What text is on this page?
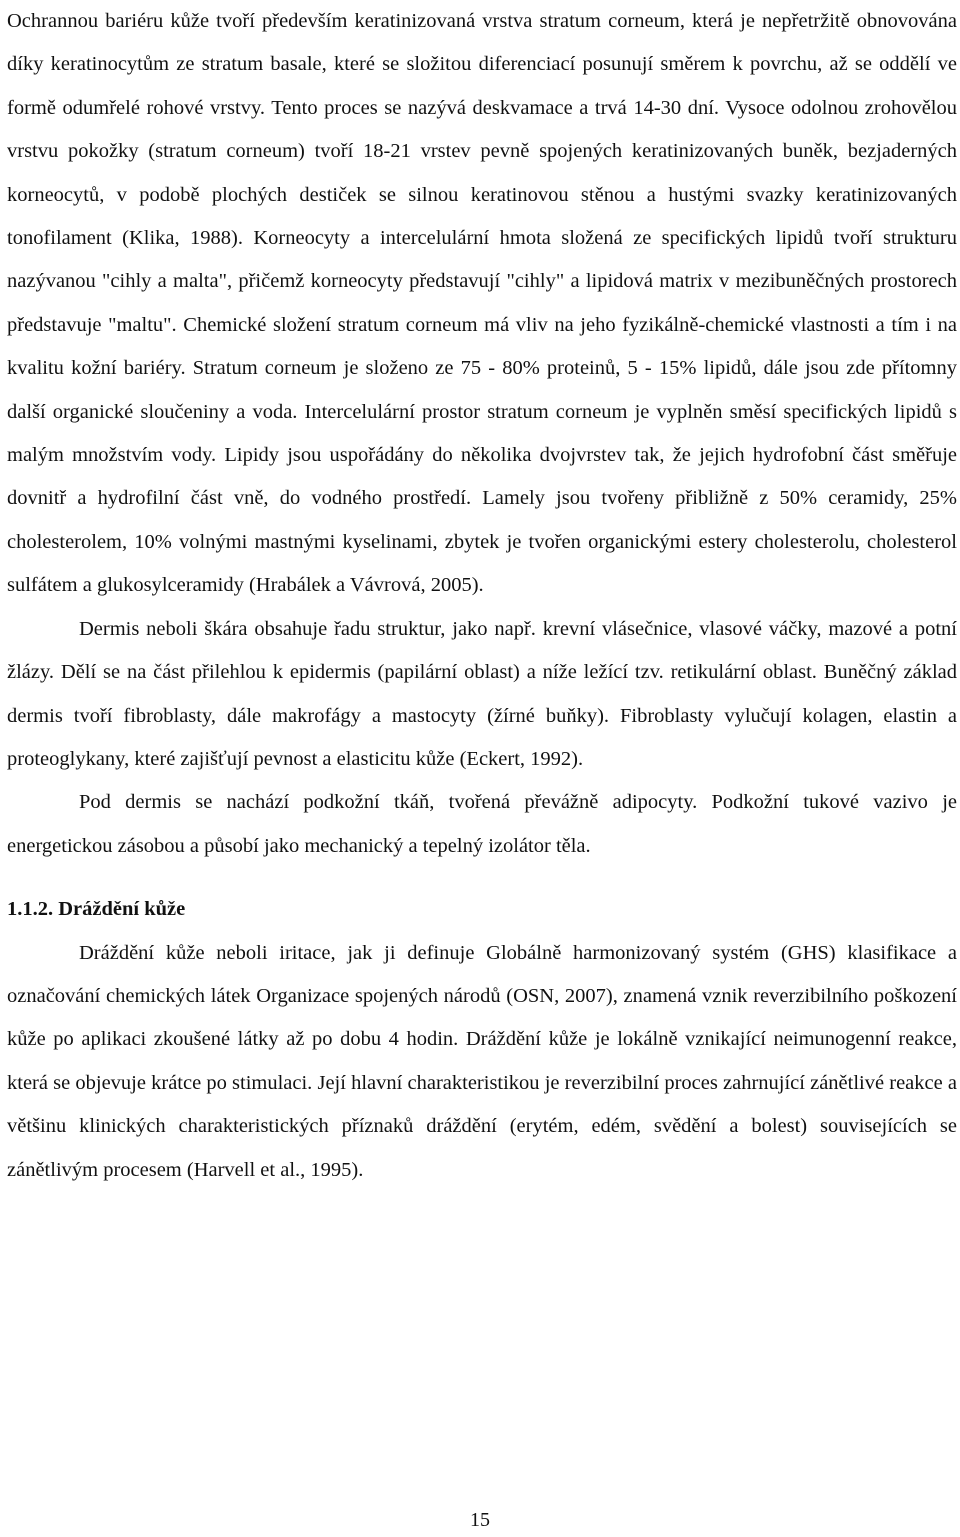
Ochrannou bariéru kůže tvoří především keratinizovaná vrstva stratum corneum, která je nepřetržitě obnovována díky keratinocytům ze stratum basale, které se složitou diferenciací posunují směrem k povrchu, až se oddělí ve formě odumřelé rohové vrstvy. Tento proces se nazývá deskvamace a trvá 14-30 dní. Vysoce odolnou zrohovělou vrstvu pokožky (stratum corneum) tvoří 18-21 vrstev pevně spojených keratinizovaných buněk, bezjaderných korneocytů, v podobě plochých destiček se silnou keratinovou stěnou a hustými svazky keratinizovaných tonofilament (Klika, 1988). Korneocyty a intercelulární hmota složená ze specifických lipidů tvoří strukturu nazývanou "cihly a malta", přičemž korneocyty představují "cihly" a lipidová matrix v mezibuněčných prostorech představuje "maltu". Chemické složení stratum corneum má vliv na jeho fyzikálně-chemické vlastnosti a tím i na kvalitu kožní bariéry. Stratum corneum je složeno ze 75 - 80% proteinů, 5 - 15% lipidů, dále jsou zde přítomny další organické sloučeniny a voda. Intercelulární prostor stratum corneum je vyplněn směsí specifických lipidů s malým množstvím vody. Lipidy jsou uspořádány do několika dvojvrstev tak, že jejich hydrofobní část směřuje dovnitř a hydrofilní část vně, do vodného prostředí. Lamely jsou tvořeny přibližně z 50% ceramidy, 25% cholesterolem, 10% volnými mastnými kyselinami, zbytek je tvořen organickými estery cholesterolu, cholesterol sulfátem a glukosylceramidy (Hrabálek a Vávrová, 2005).

Dermis neboli škára obsahuje řadu struktur, jako např. krevní vlásečnice, vlasové váčky, mazové a potní žlázy. Dělí se na část přilehlou k epidermis (papilární oblast) a níže ležící tzv. retikulární oblast. Buněčný základ dermis tvoří fibroblasty, dále makrofágy a mastocyty (žírné buňky). Fibroblasty vylučují kolagen, elastin a proteoglykany, které zajišťují pevnost a elasticitu kůže (Eckert, 1992).

Pod dermis se nachází podkožní tkáň, tvořená převážně adipocyty. Podkožní tukové vazivo je energetickou zásobou a působí jako mechanický a tepelný izolátor těla.

1.1.2. Dráždění kůže

Dráždění kůže neboli iritace, jak ji definuje Globálně harmonizovaný systém (GHS) klasifikace a označování chemických látek Organizace spojených národů (OSN, 2007), znamená vznik reverzibilního poškození kůže po aplikaci zkoušené látky až po dobu 4 hodin. Dráždění kůže je lokálně vznikající neimunogenní reakce, která se objevuje krátce po stimulaci. Její hlavní charakteristikou je reverzibilní proces zahrnující zánětlivé reakce a většinu klinických charakteristických příznaků dráždění (erytém, edém, svědění a bolest) souvisejících se zánětlivým procesem (Harvell et al., 1995).

15
